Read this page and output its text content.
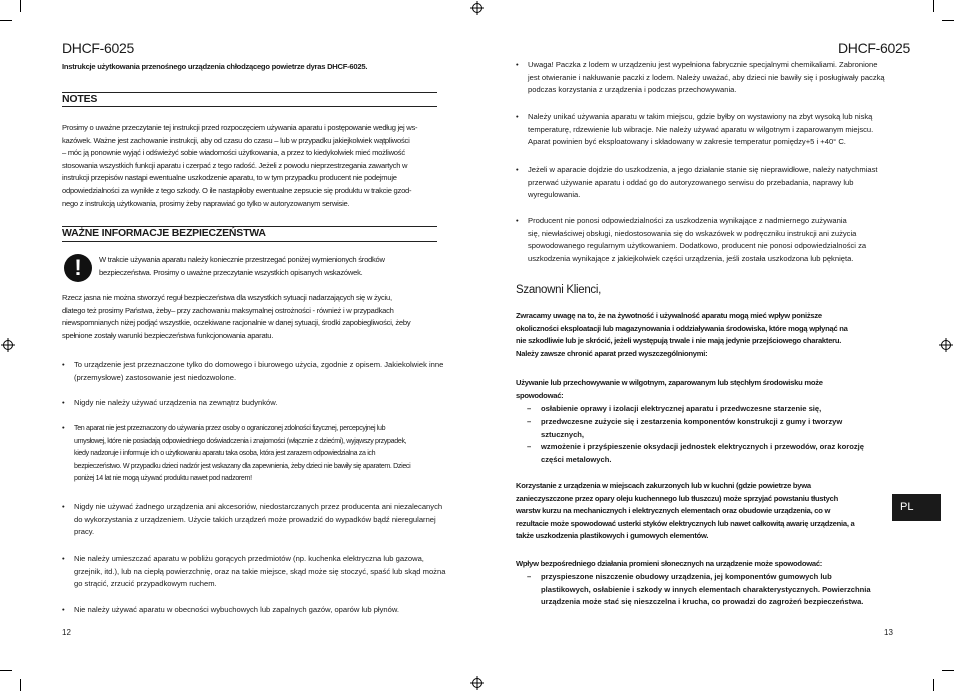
DHCF-6025
Instrukcje użytkowania przenośnego urządzenia chłodzącego powietrze dyras DHCF-6025.
NOTES
Prosimy o uważne przeczytanie tej instrukcji przed rozpoczęciem używania aparatu i postępowanie według jej ws-
kazówek. Ważne jest zachowanie instrukcji, aby od czasu do czasu – lub w przypadku jakiejkolwiek wątpliwości
– móc ją ponownie wyjąć i odświeżyć sobie wiadomości użytkowania, a przez to kiedykolwiek mieć możliwość
stosowania wszystkich funkcji aparatu i czerpać z tego radość. Jeżeli z powodu nieprzestrzegania zawartych w
instrukcji przepisów nastąpi ewentualne uszkodzenie aparatu, to w tym przypadku producent nie podejmuje
odpowiedzialności za wynikłe z tego szkody. O ile nastąpiłoby ewentualne zepsucie się produktu w trakcie gzod-
nego z instrukcją użytkowania, prosimy żeby naprawiać go tylko w autoryzowanym serwisie.
WAŻNE INFORMACJE BEZPIECZEŃSTWA
!	W trakcie używania aparatu należy koniecznie przestrzegać poniżej wymienionych środków
bezpieczeństwa. Prosimy o uważne przeczytanie wszystkich opisanych wskazówek.
Rzecz jasna nie można stworzyć reguł bezpieczeństwa dla wszystkich sytuacji nadarzających się w życiu,
dlatego też prosimy Państwa, żeby– przy zachowaniu maksymalnej ostrożności - również i w przypadkach
niewspomnianych niżej podjąć wszystkie, oczekiwane racjonalnie w danej sytuacji, środki zapobiegliwości, żeby
spełnione zostały warunki bezpieczeństwa funkcjonowania aparatu.
• To urządzenie jest przeznaczone tylko do domowego i biurowego użycia, zgodnie z opisem. Jakiekolwiek inne
(przemysłowe) zastosowanie jest niedozwolone.
• Nigdy nie należy używać urządzenia na zewnątrz budynków.
• Ten aparat nie jest przeznaczony do używania przez osoby o ograniczonej zdolności fizycznej, percepcyjnej lub
umysłowej, które nie posiadają odpowiedniego doświadczenia i znajomości (włącznie z dziećmi), wyjąwszy przypadek,
kiedy nadzoruje i informuje ich o użytkowaniu aparatu taka osoba, która jest zarazem odpowiedzialna za ich
bezpieczeństwo. W przypadku dzieci nadzór jest wskazany dla zapewnienia, żeby dzieci nie bawiły się aparatem. Dzieci
poniżej 14 lat nie mogą używać produktu nawet pod nadzorem!
• Nigdy nie używać żadnego urządzenia ani akcesoriów, niedostarczanych przez producenta ani niezalecanych
do wykorzystania z urządzeniem. Użycie takich urządzeń może prowadzić do wypadków bądź nieregularnej
pracy.
• Nie należy umieszczać aparatu w pobliżu gorących przedmiotów (np. kuchenka elektryczna lub gazowa,
grzejnik, itd.), lub na ciepłą powierzchnię, oraz na takie miejsce, skąd może się stoczyć, spaść lub skąd można
go strącić, zrzucić przypadkowym ruchem.
• Nie należy używać aparatu w obecności wybuchowych lub zapalnych gazów, oparów lub płynów.
12
DHCF-6025
• Uwaga! Paczka z lodem w urządzeniu jest wypełniona fabrycznie specjalnymi chemikaliami. Zabronione
jest otwieranie i nakłuwanie paczki z lodem. Należy uważać, aby dzieci nie bawiły się i posługiwały paczką
podczas korzystania z urządzenia i podczas przechowywania.
• Należy unikać używania aparatu w takim miejscu, gdzie byłby on wystawiony na zbyt wysoką lub niską
temperaturę, rdzewienie lub wibracje. Nie należy używać aparatu w wilgotnym i zaparowanym miejscu.
Aparat powinien być eksploatowany i składowany w zakresie temperatur pomiędzy+5 i +40° C.
• Jeżeli w aparacie dojdzie do uszkodzenia, a jego działanie stanie się nieprawidłowe, należy natychmiast
przerwać używanie aparatu i oddać go do autoryzowanego serwisu do przebadania, naprawy lub
wyregulowania.
• Producent nie ponosi odpowiedzialności za uszkodzenia wynikające z nadmiernego zużywania
się, niewłaściwej obsługi, niedostosowania się do wskazówek w podręczniku instrukcji ani zużycia
spowodowanego regularnym użytkowaniem. Dodatkowo, producent nie ponosi odpowiedzialności za
uszkodzenia wynikające z jakiejkolwiek części urządzenia, jeśli została uszkodzona lub pęknięta.
Szanowni Klienci,
Zwracamy uwagę na to, że na żywotność i używalność aparatu mogą mieć wpływ poniższe
okoliczności eksploatacji lub magazynowania i oddziaływania środowiska, które mogą wpłynąć na
nie szkodliwie lub je skrócić, jeżeli występują trwale i nie mają jedynie przejściowego charakteru.
Należy zawsze chronić aparat przed wyszczególnionymi:
Używanie lub przechowywanie w wilgotnym, zaparowanym lub stęchłym środowisku może
spowodować:
– osłabienie oprawy i izolacji elektrycznej aparatu i przedwczesne starzenie się,
– przedwczesne zużycie się i zestarzenia komponentów konstrukcji z gumy i tworzyw
sztucznych,
– wzmożenie i przyśpieszenie oksydacji jednostek elektrycznych i przewodów, oraz korozję
części metalowych.
Korzystanie z urządzenia w miejscach zakurzonych lub w kuchni (gdzie powietrze bywa
zanieczyszczone przez opary oleju kuchennego lub tłuszczu) może sprzyjać powstaniu tłustych
warstw kurzu na mechanicznych i elektrycznych elementach oraz obudowie urządzenia, co w
rezultacie może spowodować usterki styków elektrycznych lub nawet całkowitą awarię urządzenia, a
także uszkodzenia plastikowych i gumowych elementów.
Wpływ bezpośredniego działania promieni słonecznych na urządzenie może spowodować:
– przyspieszone niszczenie obudowy urządzenia, jej komponentów gumowych lub
plastikowych, osłabienie i szkody w innych elementach charakterystycznych. Powierzchnia
urządzenia może stać się nieszczelna i krucha, co prowadzi do zagrożeń bezpieczeństwa.
PL
13
